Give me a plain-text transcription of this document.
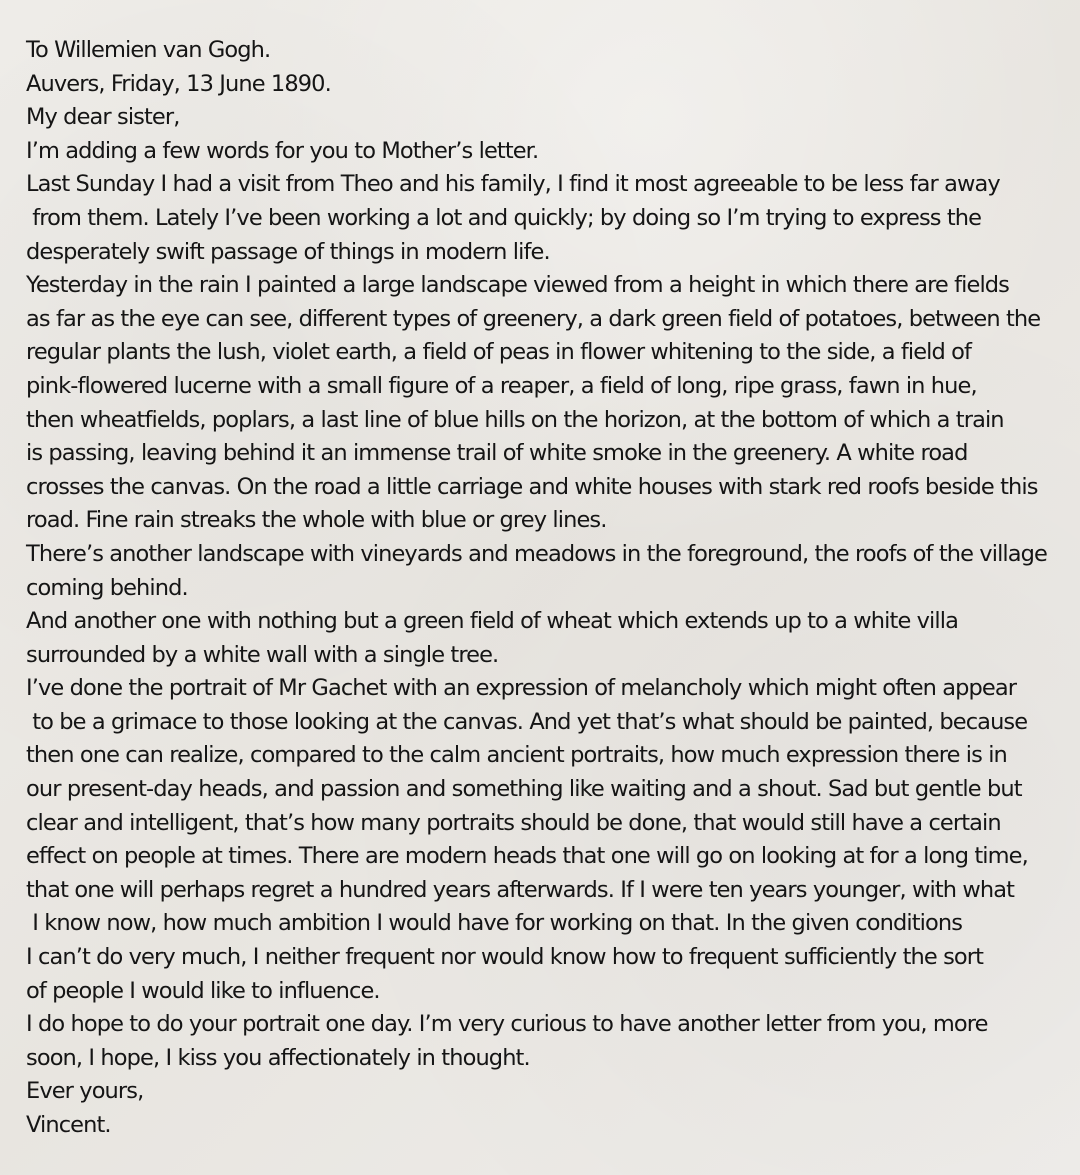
To Willemien van Gogh.
Auvers, Friday, 13 June 1890.
My dear sister,
I’m adding a few words for you to Mother’s letter.
Last Sunday I had a visit from Theo and his family, I find it most agreeable to be less far away
from them. Lately I’ve been working a lot and quickly; by doing so I’m trying to express the
desperately swift passage of things in modern life.
Yesterday in the rain I painted a large landscape viewed from a height in which there are fields
as far as the eye can see, different types of greenery, a dark green field of potatoes, between the
regular plants the lush, violet earth, a field of peas in flower whitening to the side, a field of
pink-flowered lucerne with a small figure of a reaper, a field of long, ripe grass, fawn in hue,
then wheatfields, poplars, a last line of blue hills on the horizon, at the bottom of which a train
is passing, leaving behind it an immense trail of white smoke in the greenery. A white road
crosses the canvas. On the road a little carriage and white houses with stark red roofs beside this
road. Fine rain streaks the whole with blue or grey lines.
There’s another landscape with vineyards and meadows in the foreground, the roofs of the village
coming behind.
And another one with nothing but a green field of wheat which extends up to a white villa
surrounded by a white wall with a single tree.
I’ve done the portrait of Mr Gachet with an expression of melancholy which might often appear
to be a grimace to those looking at the canvas. And yet that’s what should be painted, because
then one can realize, compared to the calm ancient portraits, how much expression there is in
our present-day heads, and passion and something like waiting and a shout. Sad but gentle but
clear and intelligent, that’s how many portraits should be done, that would still have a certain
effect on people at times. There are modern heads that one will go on looking at for a long time,
that one will perhaps regret a hundred years afterwards. If I were ten years younger, with what
I know now, how much ambition I would have for working on that. In the given conditions
I can’t do very much, I neither frequent nor would know how to frequent sufficiently the sort
of people I would like to influence.
I do hope to do your portrait one day. I’m very curious to have another letter from you, more
soon, I hope, I kiss you affectionately in thought.
Ever yours,
Vincent.
